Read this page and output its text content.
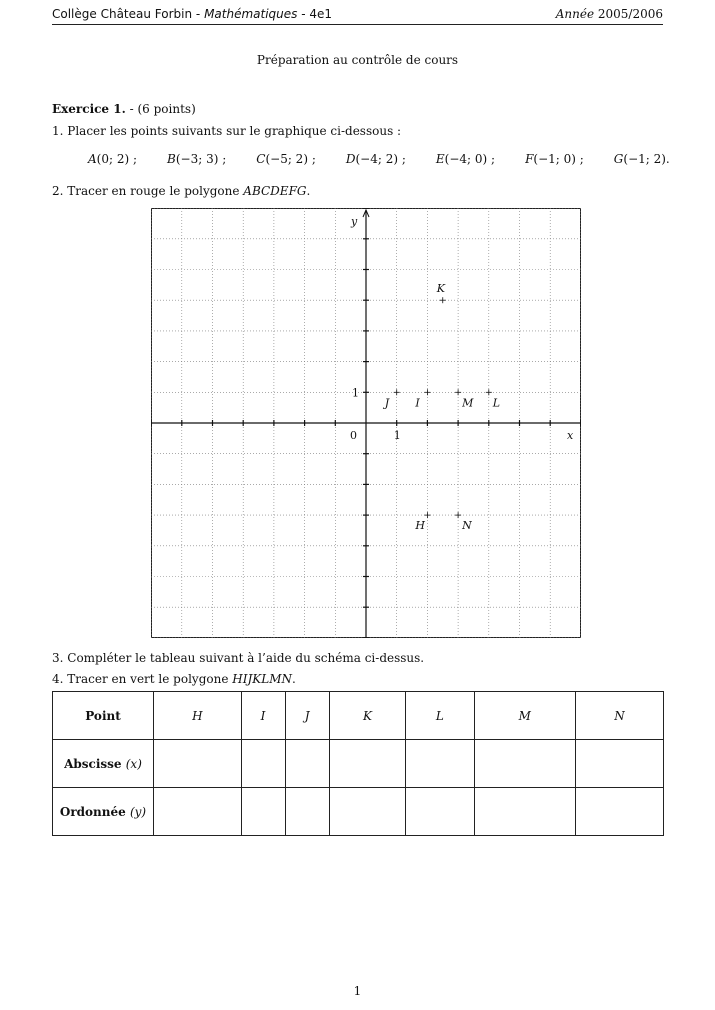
Collège Château Forbin - Mathématiques - 4e1	Année 2005/2006
Préparation au contrôle de cours
Exercice 1. - (6 points)
1. Placer les points suivants sur le graphique ci-dessous :
A(0; 2) ;	B(−3; 3) ;	C(−5; 2) ;	D(−4; 2) ;	E(−4; 0) ;	F(−1; 0) ;	G(−1; 2).
2. Tracer en rouge le polygone ABCDEFG.
x
y
0	1
1
H
I
J
K
L
M
N
3. Compléter le tableau suivant à l’aide du schéma ci-dessus.
4. Tracer en vert le polygone HIJKLMN.
Point	H	I	J	K	L	M	N
Abscisse (x)							
Ordonnée (y)							
1
